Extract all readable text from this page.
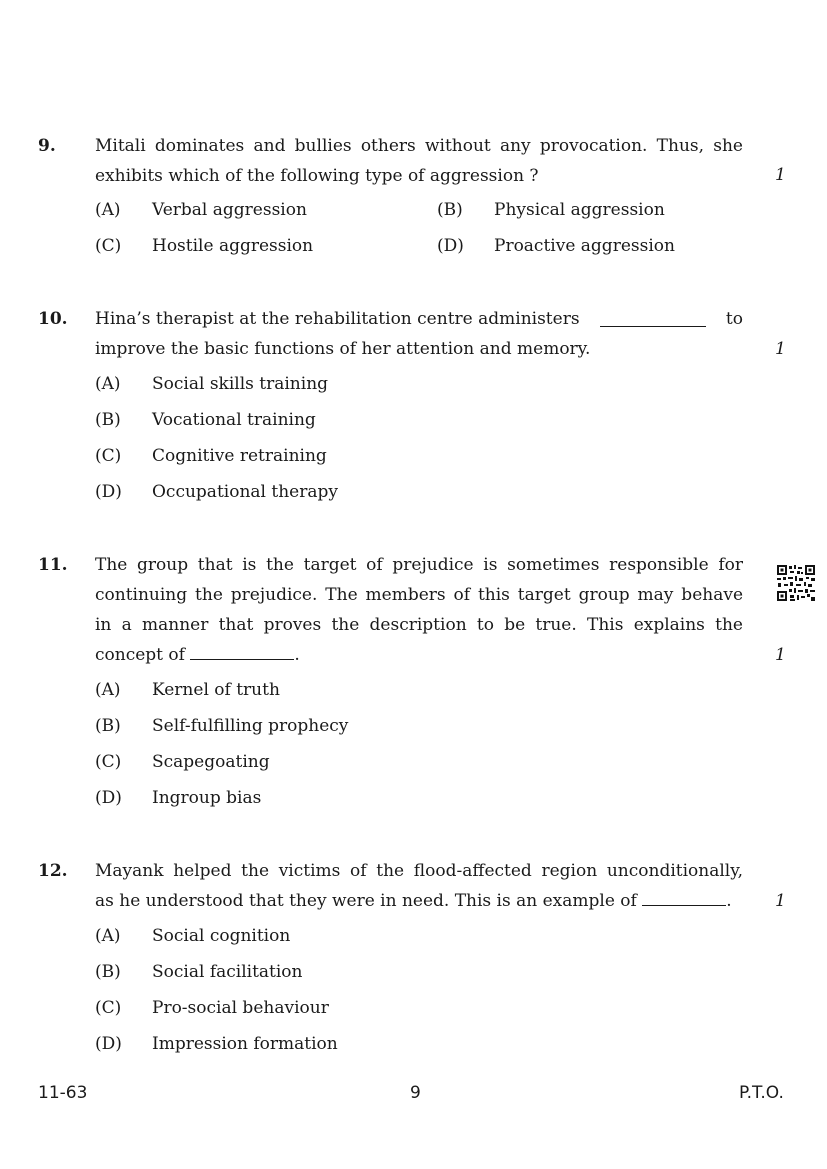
9. Mitali dominates and bullies others without any provocation. Thus, she
exhibits which of the following type of aggression ?	1
(A) Verbal aggression	(B) Physical aggression
(C) Hostile aggression	(D) Proactive aggression
10. Hina’s therapist at the rehabilitation centre administers	to
improve the basic functions of her attention and memory.	1
(A) Social skills training
(B) Vocational training
(C) Cognitive retraining
(D) Occupational therapy
11. The group that is the target of prejudice is sometimes responsible for
continuing the prejudice. The members of this target group may behave
in a manner that proves the description to be true. This explains the
concept of	.	1
(A) Kernel of truth
(B) Self-fulfilling prophecy
(C) Scapegoating
(D) Ingroup bias
12. Mayank helped the victims of the flood-affected region unconditionally,
as he understood that they were in need. This is an example of	.	1
(A) Social cognition
(B) Social facilitation
(C) Pro-social behaviour
(D) Impression formation
11-63	9	P.T.O.
